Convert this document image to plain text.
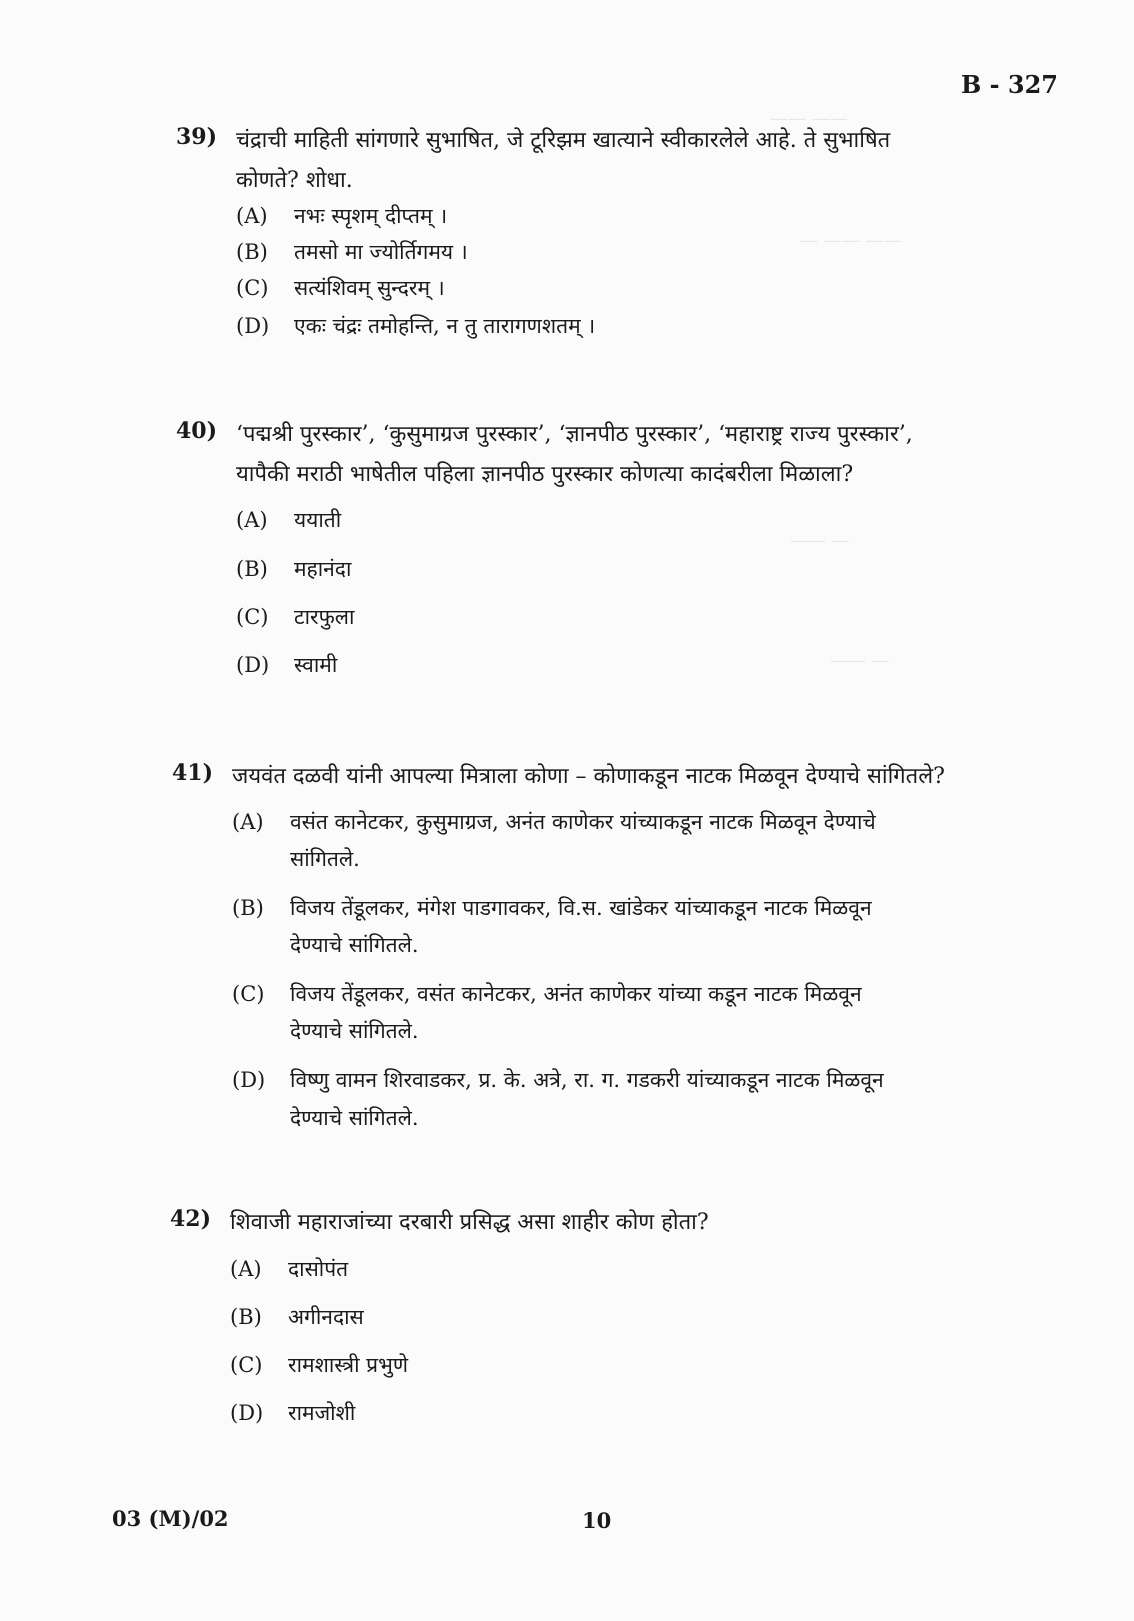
—— ——
— —— ——
—— —
—— —
B - 327
39) चंद्राची माहिती सांगणारे सुभाषित, जे टूरिझम खात्याने स्वीकारलेले आहे. ते सुभाषित
कोणते? शोधा.
(A) नभः स्पृशम् दीप्तम् ।
(B) तमसो मा ज्योर्तिगमय ।
(C) सत्यंशिवम् सुन्दरम् ।
(D) एकः चंद्रः तमोहन्ति, न तु तारागणशतम् ।
40) ‘पद्मश्री पुरस्कार’, ‘कुसुमाग्रज पुरस्कार’, ‘ज्ञानपीठ पुरस्कार’, ‘महाराष्ट्र राज्य पुरस्कार’,
यापैकी मराठी भाषेतील पहिला ज्ञानपीठ पुरस्कार कोणत्या कादंबरीला मिळाला?
(A) ययाती
(B) महानंदा
(C) टारफुला
(D) स्वामी
41) जयवंत दळवी यांनी आपल्या मित्राला कोणा – कोणाकडून नाटक मिळवून देण्याचे सांगितले?
(A) वसंत कानेटकर, कुसुमाग्रज, अनंत काणेकर यांच्याकडून नाटक मिळवून देण्याचे
सांगितले.
(B) विजय तेंडूलकर, मंगेश पाडगावकर, वि.स. खांडेकर यांच्याकडून नाटक मिळवून
देण्याचे सांगितले.
(C) विजय तेंडूलकर, वसंत कानेटकर, अनंत काणेकर यांच्या कडून नाटक मिळवून
देण्याचे सांगितले.
(D) विष्णु वामन शिरवाडकर, प्र. के. अत्रे, रा. ग. गडकरी यांच्याकडून नाटक मिळवून
देण्याचे सांगितले.
42) शिवाजी महाराजांच्या दरबारी प्रसिद्ध असा शाहीर कोण होता?
(A) दासोपंत
(B) अगीनदास
(C) रामशास्त्री प्रभुणे
(D) रामजोशी
03 (M)/02	10
